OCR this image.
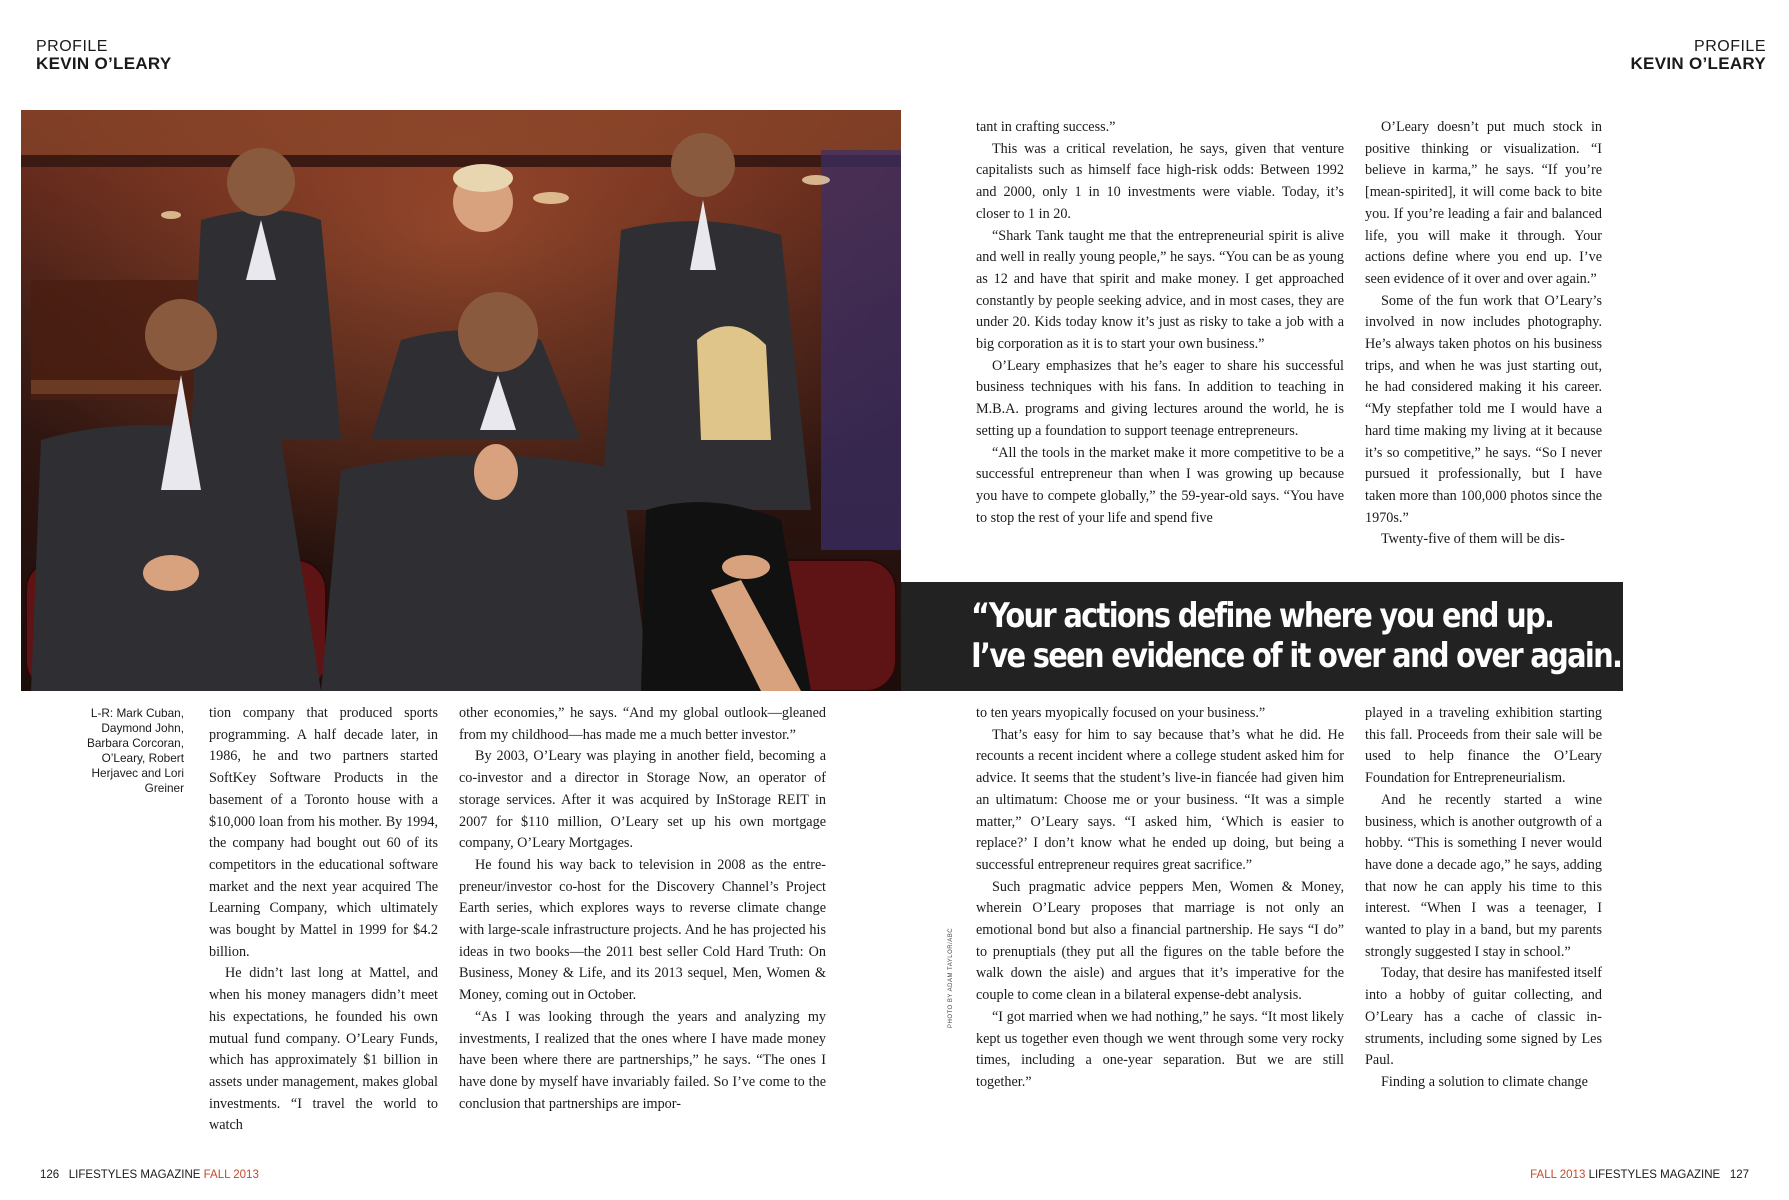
PROFILE
KEVIN O’LEARY
PROFILE
KEVIN O’LEARY
“Your actions define where you end up.
I’ve seen evidence of it over and over again.”
L-R: Mark Cuban, Daymond John, Barbara Corcoran, O’Leary, Robert Herjavec and Lori Greiner

tion company that produced sports programming. A half decade later, in 1986, he and two partners started SoftKey Software Products in the basement of a Toronto house with a $10,000 loan from his mother. By 1994, the company had bought out 60 of its competitors in the educational software market and the next year acquired The Learning Company, which ultimately was bought by Mattel in 1999 for $4.2 billion.

He didn’t last long at Mattel, and when his money managers didn’t meet his expectations, he founded his own mutual fund company. O’Leary Funds, which has approximately $1 billion in assets under management, makes global investments. “I travel the world to watch

other economies,” he says. “And my global outlook—gleaned from my childhood—has made me a much better investor.”

By 2003, O’Leary was playing in another field, becoming a co-investor and a director in Storage Now, an operator of storage services. After it was acquired by InStorage REIT in 2007 for $110 million, O’Leary set up his own mortgage company, O’Leary Mortgages.

He found his way back to television in 2008 as the entrepreneur/investor co-host for the Discovery Channel’s Project Earth series, which explores ways to reverse climate change with large-scale infrastructure projects. And he has projected his ideas in two books—the 2011 best seller Cold Hard Truth: On Business, Money & Life, and its 2013 sequel, Men, Women & Money, coming out in October.

“As I was looking through the years and analyzing my investments, I realized that the ones where I have made money have been where there are partnerships,” he says. “The ones I have done by myself have invariably failed. So I’ve come to the conclusion that partnerships are impor-

tant in crafting success.”

This was a critical revelation, he says, given that venture capitalists such as himself face high-risk odds: Between 1992 and 2000, only 1 in 10 investments were viable. Today, it’s closer to 1 in 20.

“Shark Tank taught me that the entrepreneurial spirit is alive and well in really young people,” he says. “You can be as young as 12 and have that spirit and make money. I get approached constantly by people seeking advice, and in most cases, they are under 20. Kids today know it’s just as risky to take a job with a big corporation as it is to start your own business.”

O’Leary emphasizes that he’s eager to share his successful business techniques with his fans. In addition to teaching in M.B.A. programs and giving lectures around the world, he is setting up a foundation to support teenage entrepreneurs.

“All the tools in the market make it more competitive to be a successful entrepreneur than when I was growing up because you have to compete globally,” the 59-year-old says. “You have to stop the rest of your life and spend five

O’Leary doesn’t put much stock in positive thinking or visualization. “I believe in karma,” he says. “If you’re [mean-spirited], it will come back to bite you. If you’re leading a fair and balanced life, you will make it through. Your actions define where you end up. I’ve seen evidence of it over and over again.”

Some of the fun work that O’Leary’s involved in now includes photography. He’s always taken photos on his business trips, and when he was just starting out, he had considered making it his career. “My stepfather told me I would have a hard time making my living at it because it’s so competitive,” he says. “So I never pursued it professionally, but I have taken more than 100,000 photos since the 1970s.”

Twenty-five of them will be dis-

to ten years myopically focused on your business.”

That’s easy for him to say because that’s what he did. He recounts a recent incident where a college student asked him for advice. It seems that the student’s live-in fiancée had given him an ultimatum: Choose me or your business. “It was a simple matter,” O’Leary says. “I asked him, ‘Which is easier to replace?’ I don’t know what he ended up doing, but being a successful entrepreneur requires great sacrifice.”

Such pragmatic advice peppers Men, Women & Money, wherein O’Leary proposes that marriage is not only an emotional bond but also a financial partnership. He says “I do” to prenuptials (they put all the figures on the table before the walk down the aisle) and argues that it’s imperative for the couple to come clean in a bilateral expense-debt analysis.

“I got married when we had nothing,” he says. “It most likely kept us together even though we went through some very rocky times, including a one-year separation. But we are still together.”

played in a traveling exhibition starting this fall. Proceeds from their sale will be used to help finance the O’Leary Foundation for Entrepreneurialism.

And he recently started a wine business, which is another outgrowth of a hobby. “This is something I never would have done a decade ago,” he says, adding that now he can apply his time to this interest. “When I was a teenager, I wanted to play in a band, but my parents strongly suggested I stay in school.”

Today, that desire has manifested itself into a hobby of guitar collecting, and O’Leary has a cache of classic instruments, including some signed by Les Paul.

Finding a solution to climate change

PHOTO BY ADAM TAYLOR/ABC
126 LIFESTYLES MAGAZINE FALL 2013	FALL 2013 LIFESTYLES MAGAZINE 127
